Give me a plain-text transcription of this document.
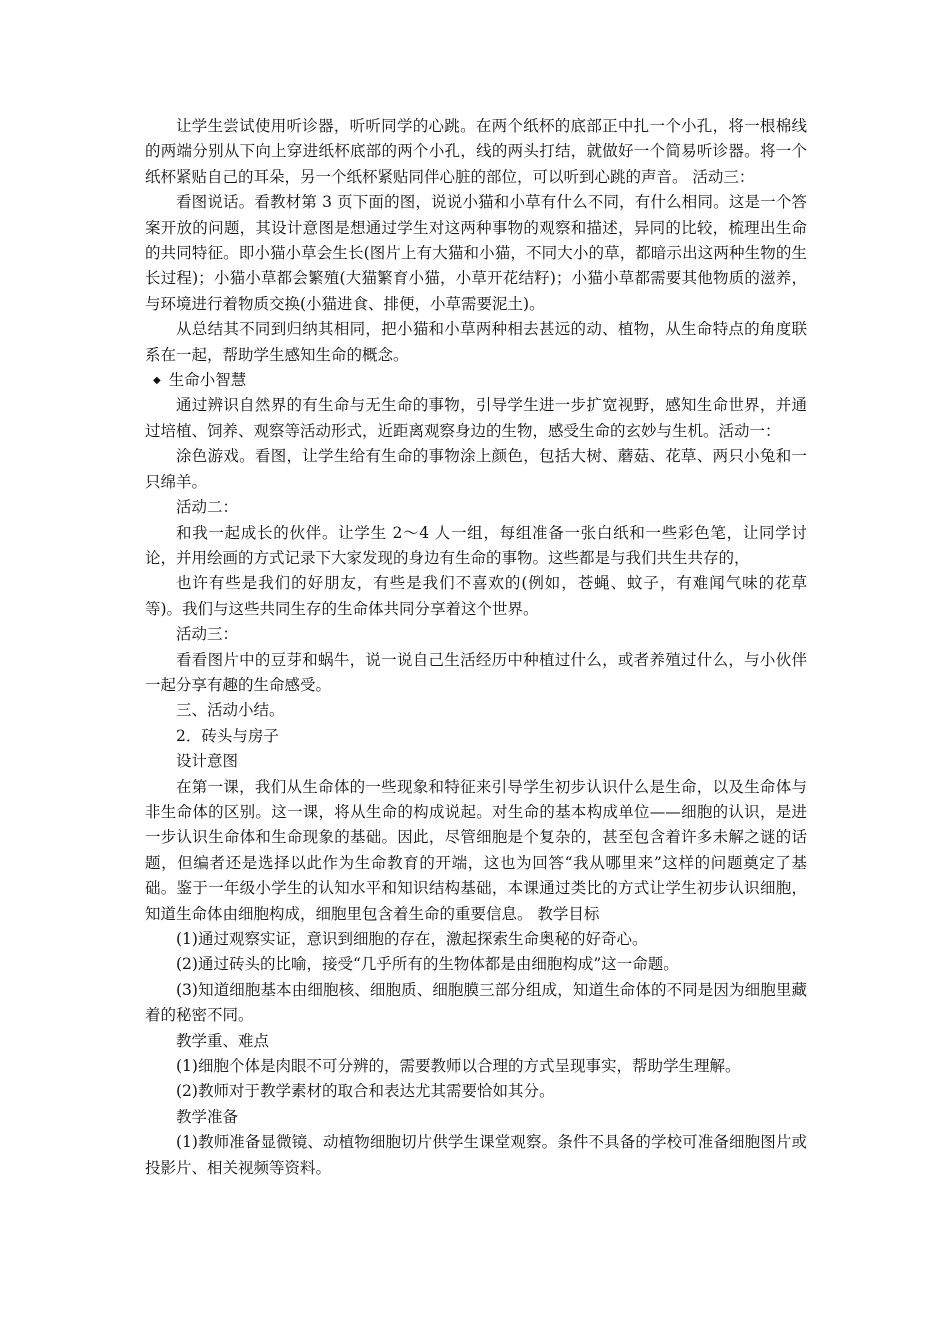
让学生尝试使用听诊器，听听同学的心跳。在两个纸杯的底部正中扎一个小孔，将一根棉线的两端分别从下向上穿进纸杯底部的两个小孔，线的两头打结，就做好一个简易听诊器。将一个纸杯紧贴自己的耳朵，另一个纸杯紧贴同伴心脏的部位，可以听到心跳的声音。 活动三：

看图说话。看教材第 3 页下面的图，说说小猫和小草有什么不同，有什么相同。这是一个答案开放的问题，其设计意图是想通过学生对这两种事物的观察和描述，异同的比较，梳理出生命的共同特征。即小猫小草会生长(图片上有大猫和小猫，不同大小的草，都暗示出这两种生物的生长过程)；小猫小草都会繁殖(大猫繁育小猫，小草开花结籽)；小猫小草都需要其他物质的滋养，与环境进行着物质交换(小猫进食、排便，小草需要泥土)。

从总结其不同到归纳其相同，把小猫和小草两种相去甚远的动、植物，从生命特点的角度联系在一起，帮助学生感知生命的概念。

◆ 生命小智慧

通过辨识自然界的有生命与无生命的事物，引导学生进一步扩宽视野，感知生命世界，并通过培植、饲养、观察等活动形式，近距离观察身边的生物，感受生命的玄妙与生机。活动一：

涂色游戏。看图，让学生给有生命的事物涂上颜色，包括大树、蘑菇、花草、两只小兔和一只绵羊。

活动二：

和我一起成长的伙伴。让学生 2～4 人一组，每组准备一张白纸和一些彩色笔，让同学讨论，并用绘画的方式记录下大家发现的身边有生命的事物。这些都是与我们共生共存的，

也许有些是我们的好朋友，有些是我们不喜欢的(例如，苍蝇、蚊子，有难闻气味的花草等)。我们与这些共同生存的生命体共同分享着这个世界。

活动三：

看看图片中的豆芽和蜗牛，说一说自己生活经历中种植过什么，或者养殖过什么，与小伙伴一起分享有趣的生命感受。

三、活动小结。

2．砖头与房子

设计意图

在第一课，我们从生命体的一些现象和特征来引导学生初步认识什么是生命，以及生命体与非生命体的区别。这一课，将从生命的构成说起。对生命的基本构成单位——细胞的认识，是进一步认识生命体和生命现象的基础。因此，尽管细胞是个复杂的，甚至包含着许多未解之谜的话题，但编者还是选择以此作为生命教育的开端，这也为回答“我从哪里来”这样的问题奠定了基础。鉴于一年级小学生的认知水平和知识结构基础，本课通过类比的方式让学生初步认识细胞，知道生命体由细胞构成，细胞里包含着生命的重要信息。 教学目标

(1)通过观察实证，意识到细胞的存在，激起探索生命奥秘的好奇心。

(2)通过砖头的比喻，接受“几乎所有的生物体都是由细胞构成”这一命题。

(3)知道细胞基本由细胞核、细胞质、细胞膜三部分组成，知道生命体的不同是因为细胞里藏着的秘密不同。

教学重、难点

(1)细胞个体是肉眼不可分辨的，需要教师以合理的方式呈现事实，帮助学生理解。

(2)教师对于教学素材的取合和表达尤其需要恰如其分。

教学准备

(1)教师准备显微镜、动植物细胞切片供学生课堂观察。条件不具备的学校可准备细胞图片或投影片、相关视频等资料。
